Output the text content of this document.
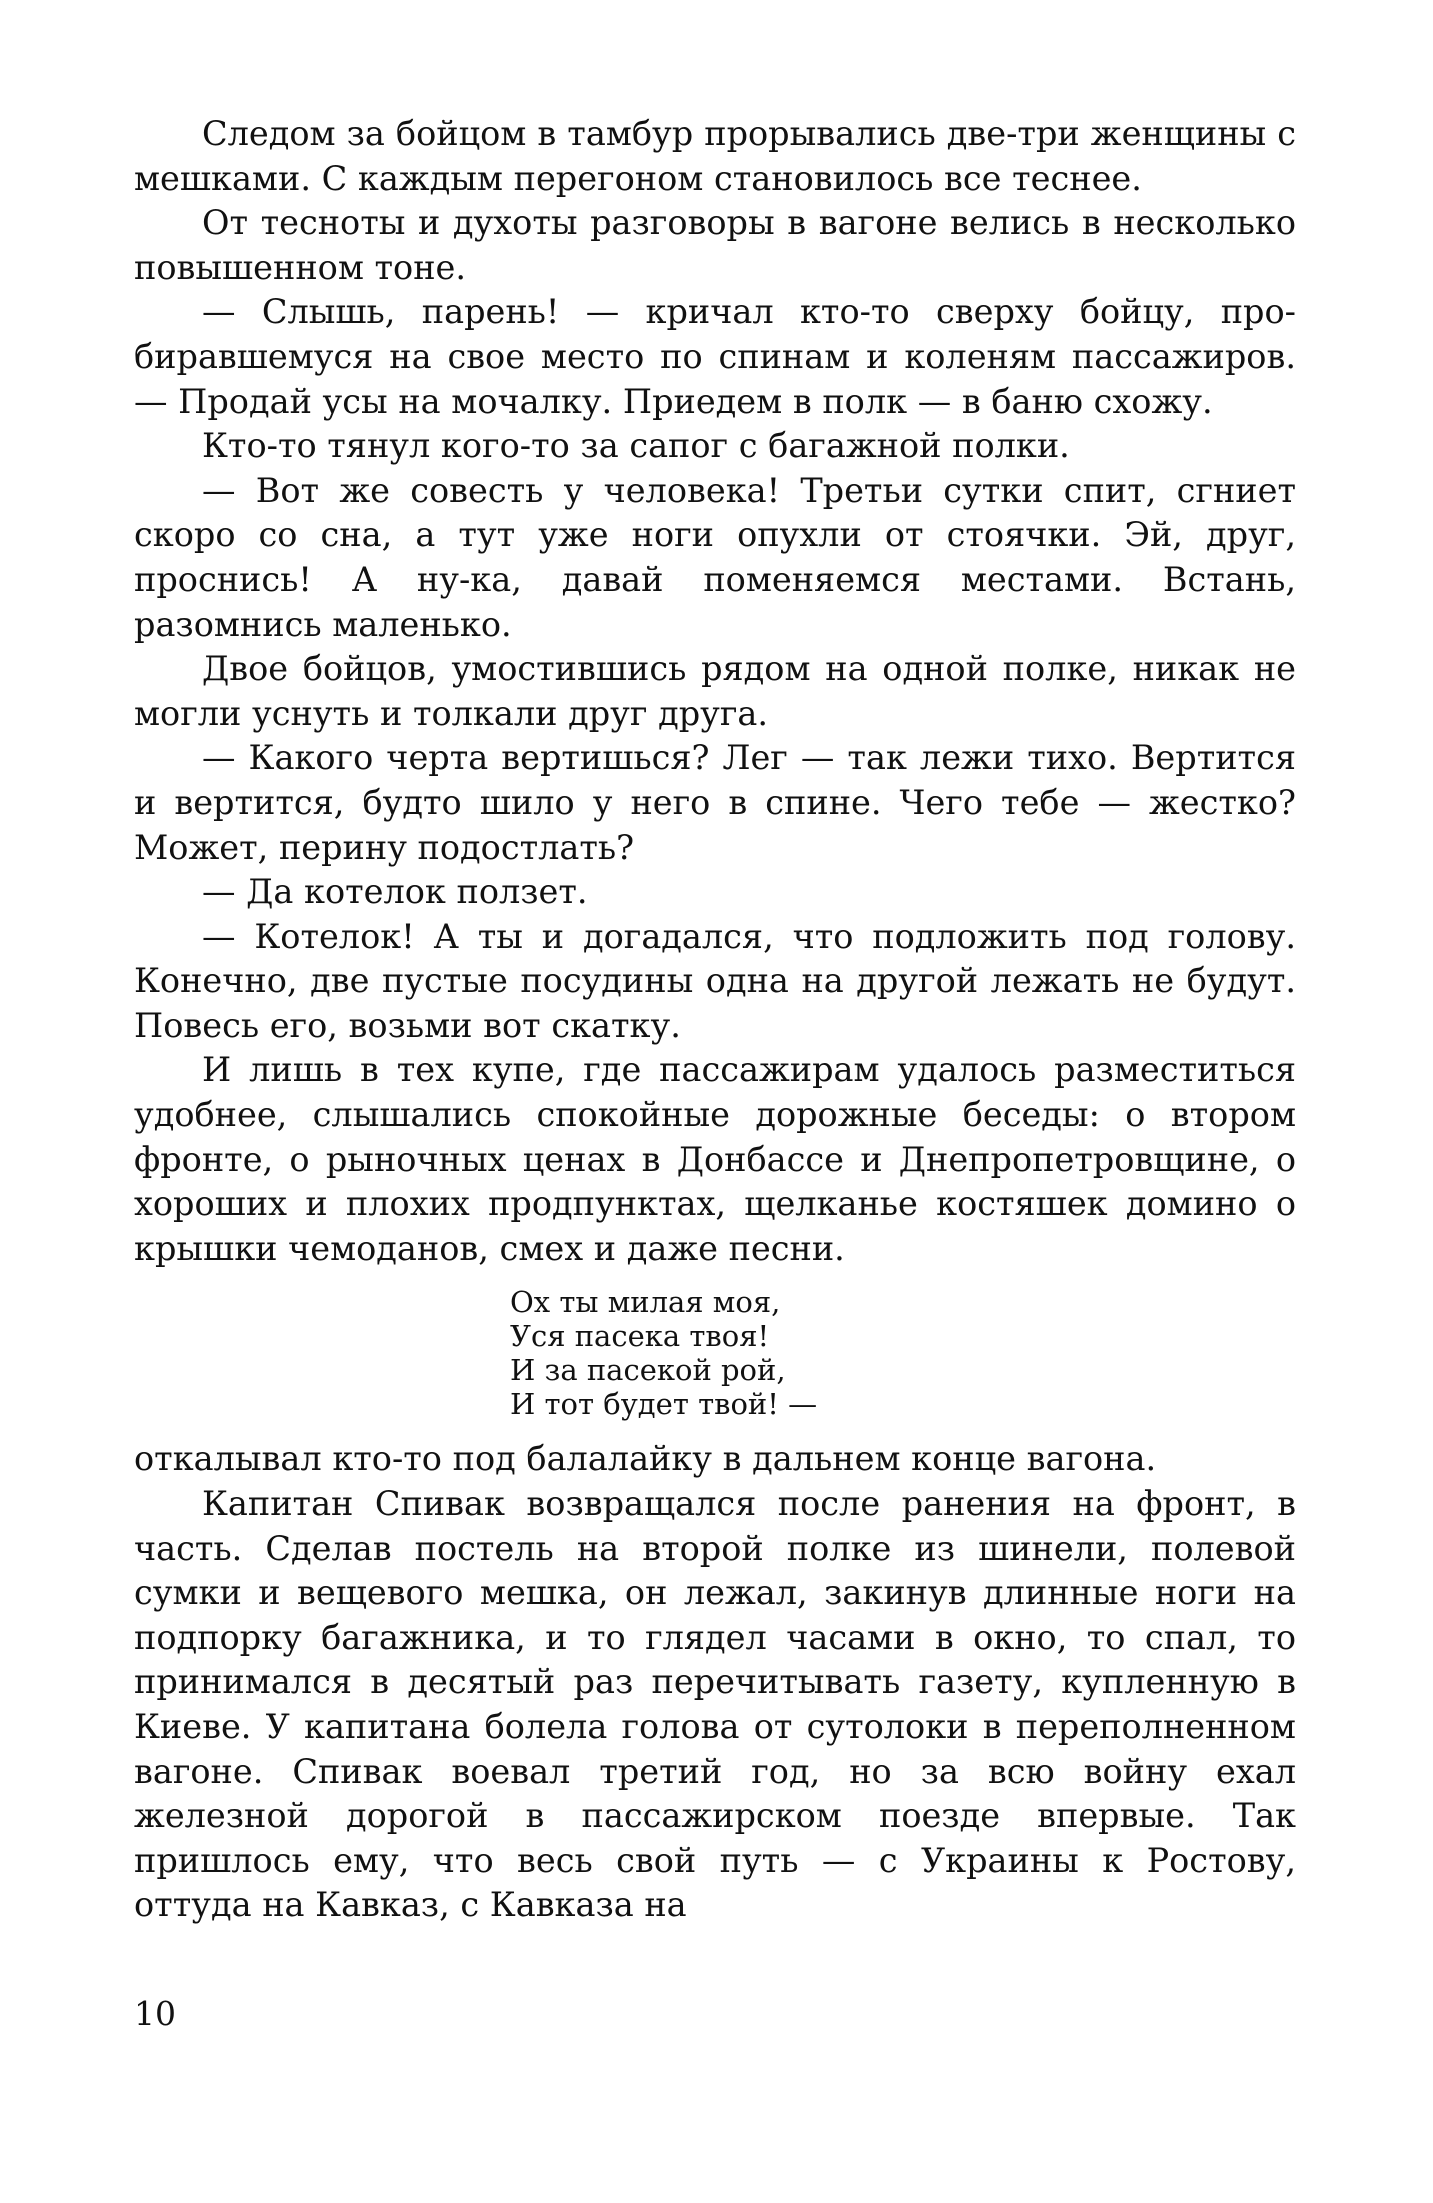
Следом за бойцом в тамбур прорывались две-три женщины с мешками. С каждым перегоном становилось все теснее.

От тесноты и духоты разговоры в вагоне велись в несколько повышенном тоне.

— Слышь, парень! — кричал кто-то сверху бойцу, пробиравшемуся на свое место по спинам и коленям пассажиров. — Продай усы на мочалку. Приедем в полк — в баню схожу.

Кто-то тянул кого-то за сапог с багажной полки.

— Вот же совесть у человека! Третьи сутки спит, сгниет скоро со сна, а тут уже ноги опухли от стоячки. Эй, друг, проснись! А ну-ка, давай поменяемся местами. Встань, разомнись маленько.

Двое бойцов, умостившись рядом на одной полке, никак не могли уснуть и толкали друг друга.

— Какого черта вертишься? Лег — так лежи тихо. Вертится и вертится, будто шило у него в спине. Чего тебе — жестко? Может, перину подостлать?

— Да котелок ползет.

— Котелок! А ты и догадался, что подложить под голову. Конечно, две пустые посудины одна на другой лежать не будут. Повесь его, возьми вот скатку.

И лишь в тех купе, где пассажирам удалось разместиться удобнее, слышались спокойные дорожные беседы: о втором фронте, о рыночных ценах в Донбассе и Днепропетровщине, о хороших и плохих продпунктах, щелканье костяшек домино о крышки чемоданов, смех и даже песни.

Ох ты милая моя,
Уся пасека твоя!
И за пасекой рой,
И тот будет твой! —

откалывал кто-то под балалайку в дальнем конце вагона.

Капитан Спивак возвращался после ранения на фронт, в часть. Сделав постель на второй полке из шинели, полевой сумки и вещевого мешка, он лежал, закинув длинные ноги на подпорку багажника, и то глядел часами в окно, то спал, то принимался в десятый раз перечитывать газету, купленную в Киеве. У капитана болела голова от сутолоки в переполненном вагоне. Спивак воевал третий год, но за всю войну ехал железной дорогой в пассажирском поезде впервые. Так пришлось ему, что весь свой путь — с Украины к Ростову, оттуда на Кавказ, с Кавказа на

10
